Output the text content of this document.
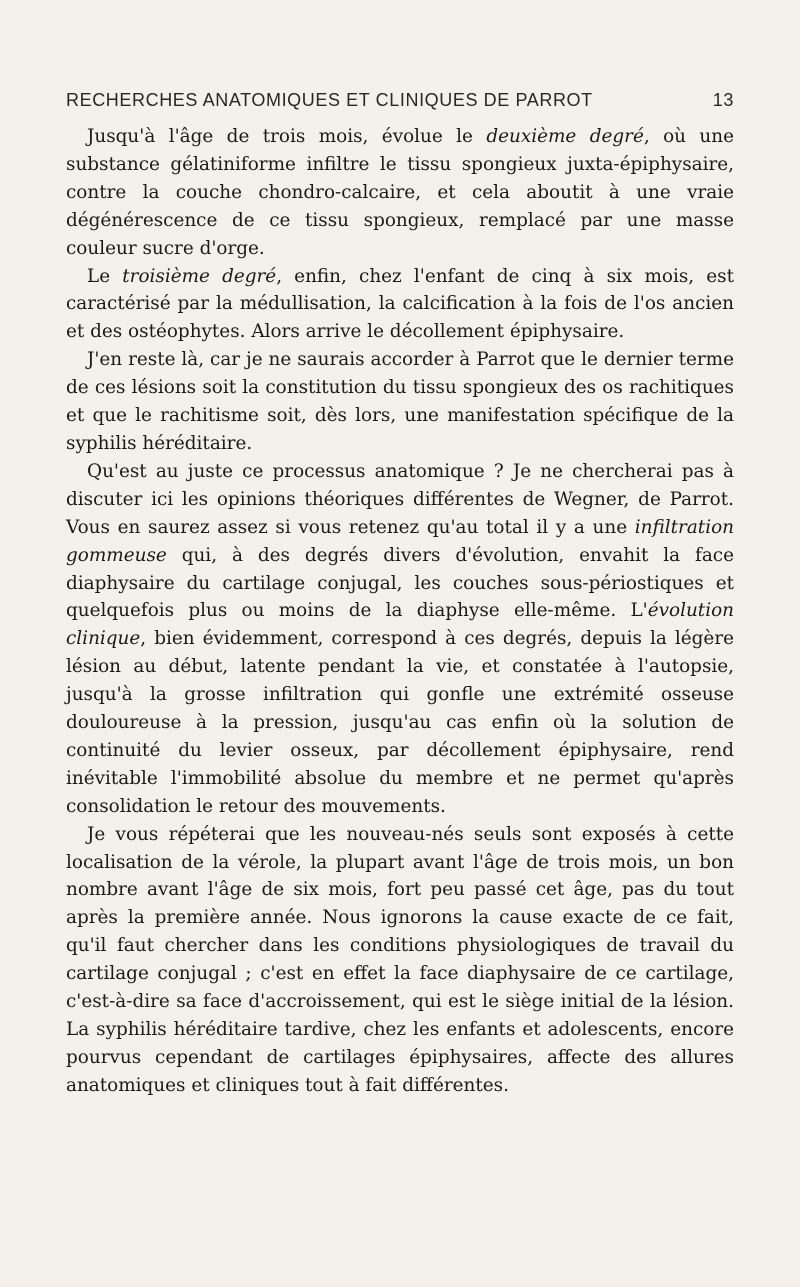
RECHERCHES ANATOMIQUES ET CLINIQUES DE PARROT	13

Jusqu'à l'âge de trois mois, évolue le deuxième degré, où une substance gélatiniforme infiltre le tissu spongieux juxta-épiphysaire, contre la couche chondro-calcaire, et cela aboutit à une vraie dégénérescence de ce tissu spongieux, remplacé par une masse couleur sucre d'orge.

Le troisième degré, enfin, chez l'enfant de cinq à six mois, est caractérisé par la médullisation, la calcification à la fois de l'os ancien et des ostéophytes. Alors arrive le décollement épiphysaire.

J'en reste là, car je ne saurais accorder à Parrot que le dernier terme de ces lésions soit la constitution du tissu spongieux des os rachitiques et que le rachitisme soit, dès lors, une manifestation spécifique de la syphilis héréditaire.

Qu'est au juste ce processus anatomique ? Je ne chercherai pas à discuter ici les opinions théoriques différentes de Wegner, de Parrot. Vous en saurez assez si vous retenez qu'au total il y a une infiltration gommeuse qui, à des degrés divers d'évolution, envahit la face diaphysaire du cartilage conjugal, les couches sous-périostiques et quelquefois plus ou moins de la diaphyse elle-même. L'évolution clinique, bien évidemment, correspond à ces degrés, depuis la légère lésion au début, latente pendant la vie, et constatée à l'autopsie, jusqu'à la grosse infiltration qui gonfle une extrémité osseuse douloureuse à la pression, jusqu'au cas enfin où la solution de continuité du levier osseux, par décollement épiphysaire, rend inévitable l'immobilité absolue du membre et ne permet qu'après consolidation le retour des mouvements.

Je vous répéterai que les nouveau-nés seuls sont exposés à cette localisation de la vérole, la plupart avant l'âge de trois mois, un bon nombre avant l'âge de six mois, fort peu passé cet âge, pas du tout après la première année. Nous ignorons la cause exacte de ce fait, qu'il faut chercher dans les conditions physiologiques de travail du cartilage conjugal ; c'est en effet la face diaphysaire de ce cartilage, c'est-à-dire sa face d'accroissement, qui est le siège initial de la lésion. La syphilis héréditaire tardive, chez les enfants et adolescents, encore pourvus cependant de cartilages épiphysaires, affecte des allures anatomiques et cliniques tout à fait différentes.
